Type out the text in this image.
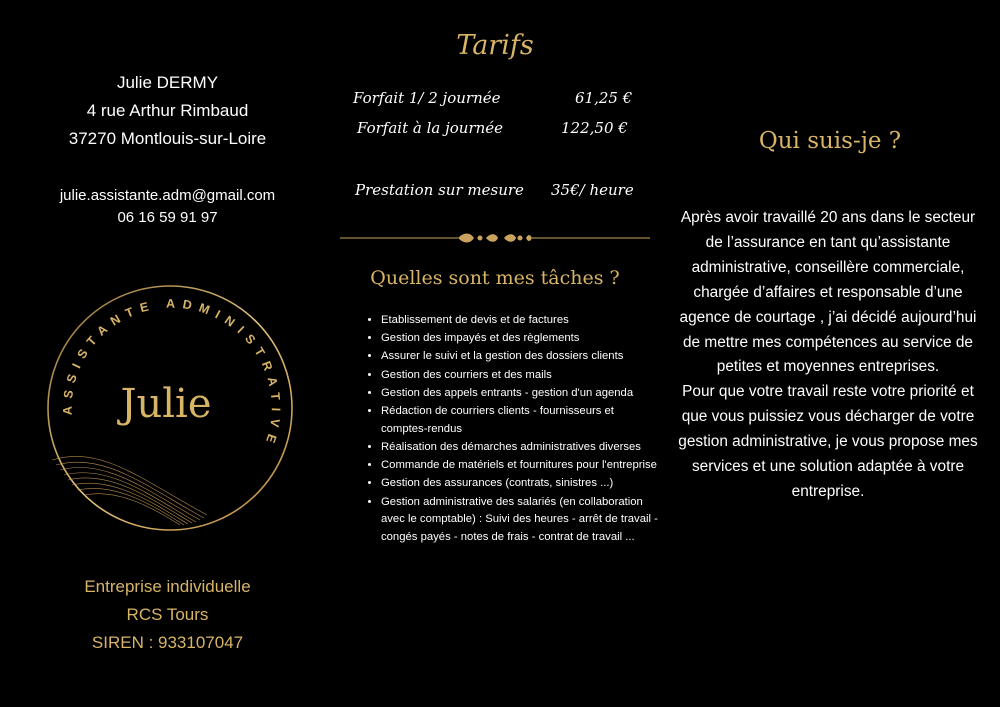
Julie DERMY
4 rue Arthur Rimbaud
37270 Montlouis-sur-Loire
julie.assistante.adm@gmail.com
06 16 59 91 97
ASSISTANTE ADMINISTRATIVE
Julie
Entreprise individuelle
RCS Tours
SIREN : 933107047
Tarifs
Forfait 1/ 2 journée	61,25 €
Forfait à la journée	122,50 €
Prestation sur mesure 35€/ heure
Quelles sont mes tâches ?
• Etablissement de devis et de factures
• Gestion des impayés et des règlements
• Assurer le suivi et la gestion des dossiers clients
• Gestion des courriers et des mails
• Gestion des appels entrants - gestion d'un agenda
• Rédaction de courriers clients - fournisseurs et comptes-rendus
• Réalisation des démarches administratives diverses
• Commande de matériels et fournitures pour l'entreprise
• Gestion des assurances (contrats, sinistres ...)
• Gestion administrative des salariés (en collaboration avec le comptable) : Suivi des heures - arrêt de travail - congés payés - notes de frais - contrat de travail ...
Qui suis-je ?
Après avoir travaillé 20 ans dans le secteur de l’assurance en tant qu’assistante administrative, conseillère commerciale, chargée d’affaires et responsable d’une agence de courtage , j’ai décidé aujourd’hui de mettre mes compétences au service de petites et moyennes entreprises.
Pour que votre travail reste votre priorité et que vous puissiez vous décharger de votre gestion administrative, je vous propose mes services et une solution adaptée à votre entreprise.
